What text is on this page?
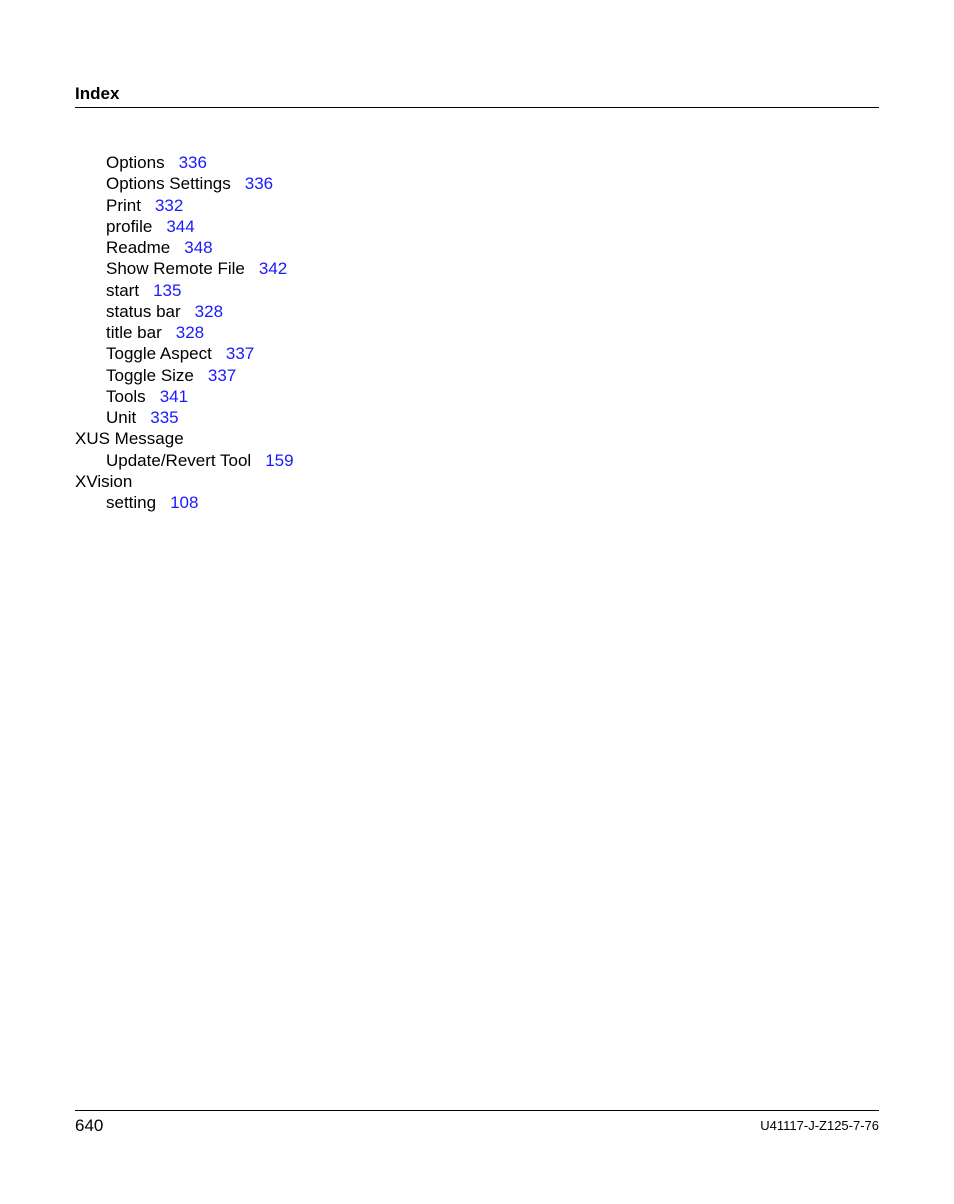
Index
Options 336
Options Settings 336
Print 332
profile 344
Readme 348
Show Remote File 342
start 135
status bar 328
title bar 328
Toggle Aspect 337
Toggle Size 337
Tools 341
Unit 335
XUS Message
Update/Revert Tool 159
XVision
setting 108
640	U41117-J-Z125-7-76
